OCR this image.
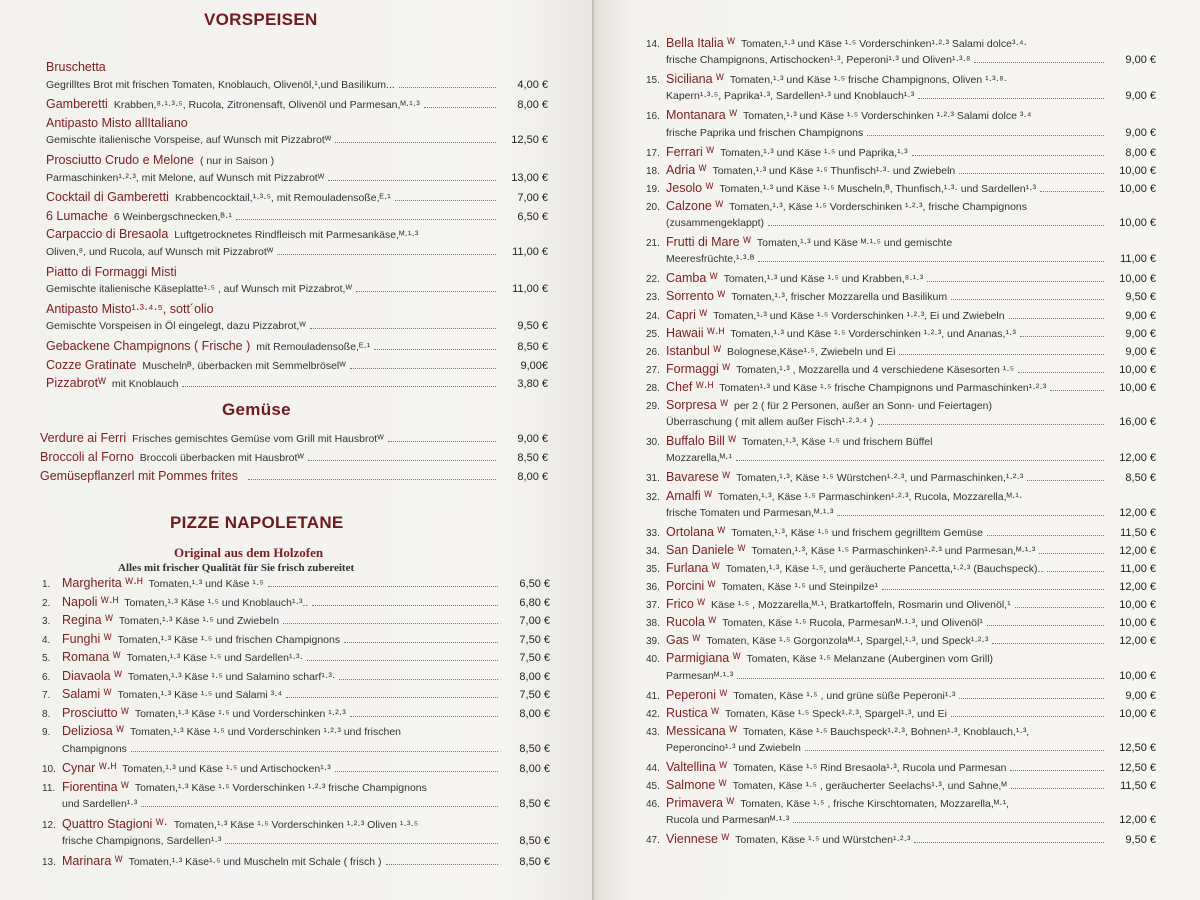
VORSPEISEN
Bruschetta
Gegrilltes Brot mit frischen Tomaten, Knoblauch, Olivenöl,¹,und Basilikum...	4,00 €
Gamberetti Krabben,⁸·¹·³·⁵, Rucola, Zitronensaft, Olivenöl und Parmesan,ᴹ·¹·³	8,00 €
Antipasto Misto allItaliano
Gemischte italienische Vorspeise, auf Wunsch mit Pizzabrotᵂ	12,50 €
Prosciutto Crudo e Melone ( nur in Saison )
Parmaschinken¹·²·³, mit Melone, auf Wunsch mit Pizzabrotᵂ	13,00 €
Cocktail di Gamberetti Krabbencocktail,¹·³·⁵, mit Remouladensoße,ᴱ·¹	7,00 €
6 Lumache 6 Weinbergschnecken,ᴮ·¹	6,50 €
Carpaccio di Bresaola Luftgetrocknetes Rindfleisch mit Parmesankäse,ᴹ·¹·³
Oliven,⁸, und Rucola, auf Wunsch mit Pizzabrotᵂ	11,00 €
Piatto di Formaggi Misti
Gemischte italienische Käseplatte¹·⁵ , auf Wunsch mit Pizzabrot,ᵂ	11,00 €
Antipasto Misto¹·³·⁴·⁵, sott´olio
Gemischte Vorspeisen in Öl eingelegt, dazu Pizzabrot,ᵂ	9,50 €
Gebackene Champignons ( Frische ) mit Remouladensoße,ᴱ·¹	8,50 €
Cozze Gratinate Muschelnᴮ, überbacken mit Semmelbröselᵂ	9,00€
Pizzabrotᵂ mit Knoblauch	3,80 €
Gemüse
Verdure ai Ferri Frisches gemischtes Gemüse vom Grill mit Hausbrotᵂ	9,00 €
Broccoli al Forno Broccoli überbacken mit Hausbrotᵂ	8,50 €
Gemüsepflanzerl mit Pommes frites	8,00 €
PIZZE NAPOLETANE
Original aus dem Holzofen
Alles mit frischer Qualität für Sie frisch zubereitet
1. Margherita ᵂ·ᴴ Tomaten,¹·³ und Käse ¹·⁵	6,50 €
2. Napoli ᵂ·ᴴ Tomaten,¹·³ Käse ¹·⁵ und Knoblauch¹·³..	6,80 €
3. Regina ᵂ Tomaten,¹·³ Käse ¹·⁵ und Zwiebeln	7,00 €
4. Funghi ᵂ Tomaten,¹·³ Käse ¹·⁵ und frischen Champignons	7,50 €
5. Romana ᵂ Tomaten,¹·³ Käse ¹·⁵ und Sardellen¹·³·	7,50 €
6. Diavaola ᵂ Tomaten,¹·³ Käse ¹·⁵ und Salamino scharf¹·³·	8,00 €
7. Salami ᵂ Tomaten,¹·³ Käse ¹·⁵ und Salami ³·⁴	7,50 €
8. Prosciutto ᵂ Tomaten,¹·³ Käse ¹·⁵ und Vorderschinken ¹·²·³	8,00 €
9. Deliziosa ᵂ Tomaten,¹·³ Käse ¹·⁵ und Vorderschinken ¹·²·³ und frischen
Champignons	8,50 €
10. Cynar ᵂ·ᴴ Tomaten,¹·³ und Käse ¹·⁵ und Artischocken¹·³	8,00 €
11. Fiorentina ᵂ Tomaten,¹·³ Käse ¹·⁵ Vorderschinken ¹·²·³ frische Champignons
und Sardellen¹·³	8,50 €
12. Quattro Stagioni ᵂ· Tomaten,¹·³ Käse ¹·⁵ Vorderschinken ¹·²·³ Oliven ¹·³·⁵
frische Champignons, Sardellen¹·³	8,50 €
13. Marinara ᵂ Tomaten,¹·³ Käse¹·⁵ und Muscheln mit Schale ( frisch )	8,50 €
14. Bella Italia ᵂ Tomaten,¹·³ und Käse ¹·⁵ Vorderschinken¹·²·³ Salami dolce³·⁴·
frische Champignons, Artischocken¹·³, Peperoni¹·³ und Oliven¹·³·⁸	9,00 €
15. Siciliana ᵂ Tomaten,¹·³ und Käse ¹·⁵ frische Champignons, Oliven ¹·³·⁸·
Kapern¹·³·⁵, Paprika¹·³, Sardellen¹·³ und Knoblauch¹·³	9,00 €
16. Montanara ᵂ Tomaten,¹·³ und Käse ¹·⁵ Vorderschinken ¹·²·³ Salami dolce ³·⁴
frische Paprika und frischen Champignons	9,00 €
17. Ferrari ᵂ Tomaten,¹·³ und Käse ¹·⁵ und Paprika,¹·³	8,00 €
18. Adria ᵂ Tomaten,¹·³ und Käse ¹·⁵ Thunfisch¹·³· und Zwiebeln	10,00 €
19. Jesolo ᵂ Tomaten,¹·³ und Käse ¹·⁵ Muscheln,ᴮ, Thunfisch,¹·³· und Sardellen¹·³	10,00 €
20. Calzone ᵂ Tomaten,¹·³, Käse ¹·⁵ Vorderschinken ¹·²·³, frische Champignons
(zusammengeklappt)	10,00 €
21. Frutti di Mare ᵂ Tomaten,¹·³ und Käse ᴹ·¹·⁵ und gemischte
Meeresfrüchte,¹·³·ᴮ	11,00 €
22. Camba ᵂ Tomaten,¹·³ und Käse ¹·⁵ und Krabben,⁸·¹·³	10,00 €
23. Sorrento ᵂ Tomaten,¹·³, frischer Mozzarella und Basilikum	9,50 €
24. Capri ᵂ Tomaten,¹·³ und Käse ¹·⁵ Vorderschinken ¹·²·³, Ei und Zwiebeln	9,00 €
25. Hawaii ᵂ·ᴴ Tomaten,¹·³ und Käse ¹·⁵ Vorderschinken ¹·²·³, und Ananas,¹·³	9,00 €
26. Istanbul ᵂ Bolognese,Käse¹·⁵, Zwiebeln und Ei	9,00 €
27. Formaggi ᵂ Tomaten,¹·³ , Mozzarella und 4 verschiedene Käsesorten ¹·⁵	10,00 €
28. Chef ᵂ·ᴴ Tomaten¹·³ und Käse ¹·⁵ frische Champignons und Parmaschinken¹·²·³	10,00 €
29. Sorpresa ᵂ per 2 ( für 2 Personen, außer an Sonn- und Feiertagen)
Überraschung ( mit allem außer Fisch¹·²·³·⁴ )	16,00 €
30. Buffalo Bill ᵂ Tomaten,¹·³, Käse ¹·⁵ und frischem Büffel
Mozzarella,ᴹ·¹	12,00 €
31. Bavarese ᵂ Tomaten,¹·³, Käse ¹·⁵ Würstchen¹·²·³, und Parmaschinken,¹·²·³	8,50 €
32. Amalfi ᵂ Tomaten,¹·³, Käse ¹·⁵ Parmaschinken¹·²·³, Rucola, Mozzarella,ᴹ·¹·
frische Tomaten und Parmesan,ᴹ·¹·³	12,00 €
33. Ortolana ᵂ Tomaten,¹·³, Käse ¹·⁵ und frischem gegrilltem Gemüse	11,50 €
34. San Daniele ᵂ Tomaten,¹·³, Käse ¹·⁵ Parmaschinken¹·²·³ und Parmesan,ᴹ·¹·³	12,00 €
35. Furlana ᵂ Tomaten,¹·³, Käse ¹·⁵, und geräucherte Pancetta,¹·²·³ (Bauchspeck)..	11,00 €
36. Porcini ᵂ Tomaten, Käse ¹·⁵ und Steinpilze¹	12,00 €
37. Frico ᵂ Käse ¹·⁵ , Mozzarella,ᴹ·¹, Bratkartoffeln, Rosmarin und Olivenöl,¹	10,00 €
38. Rucola ᵂ Tomaten, Käse ¹·⁵ Rucola, Parmesanᴹ·¹·³, und Olivenöl¹	10,00 €
39. Gas ᵂ Tomaten, Käse ¹·⁵ Gorgonzolaᴹ·¹, Spargel,¹·³, und Speck¹·²·³	12,00 €
40. Parmigiana ᵂ Tomaten, Käse ¹·⁵ Melanzane (Auberginen vom Grill)
Parmesanᴹ·¹·³	10,00 €
41. Peperoni ᵂ Tomaten, Käse ¹·⁵ , und grüne süße Peperoni¹·³	9,00 €
42. Rustica ᵂ Tomaten, Käse ¹·⁵ Speck¹·²·³, Spargel¹·³, und Ei	10,00 €
43. Messicana ᵂ Tomaten, Käse ¹·⁵ Bauchspeck¹·²·³, Bohnen¹·³, Knoblauch,¹·³,
Peperoncino¹·³ und Zwiebeln	12,50 €
44. Valtellina ᵂ Tomaten, Käse ¹·⁵ Rind Bresaola¹·³, Rucola und Parmesan	12,50 €
45. Salmone ᵂ Tomaten, Käse ¹·⁵ , geräucherter Seelachs¹·³, und Sahne,ᴹ	11,50 €
46. Primavera ᵂ Tomaten, Käse ¹·⁵ , frische Kirschtomaten, Mozzarella,ᴹ·¹,
Rucola und Parmesanᴹ·¹·³	12,00 €
47. Viennese ᵂ Tomaten, Käse ¹·⁵ und Würstchen¹·²·³	9,50 €
